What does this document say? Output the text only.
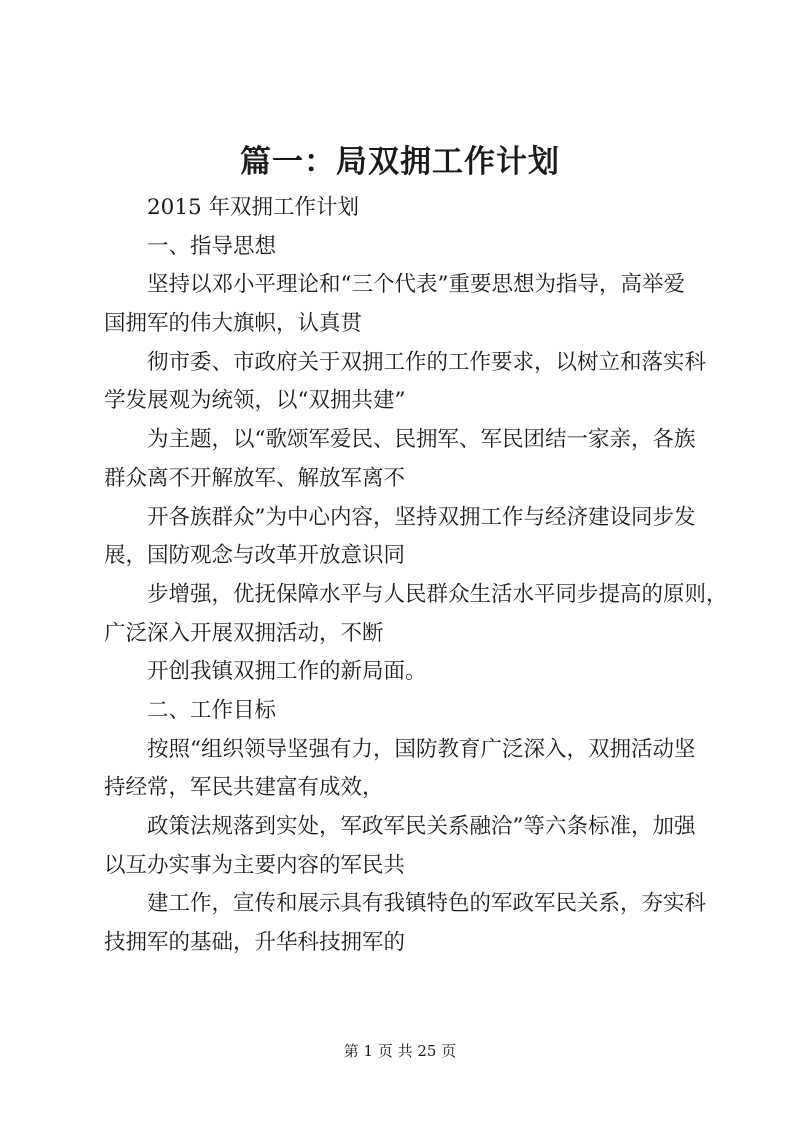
篇一：局双拥工作计划
2015 年双拥工作计划
一、指导思想
坚持以邓小平理论和“三个代表”重要思想为指导，高举爱
国拥军的伟大旗帜，认真贯
彻市委、市政府关于双拥工作的工作要求，以树立和落实科
学发展观为统领，以“双拥共建”
为主题，以“歌颂军爱民、民拥军、军民团结一家亲，各族
群众离不开解放军、解放军离不
开各族群众”为中心内容，坚持双拥工作与经济建设同步发
展，国防观念与改革开放意识同
步增强，优抚保障水平与人民群众生活水平同步提高的原则，
广泛深入开展双拥活动，不断
开创我镇双拥工作的新局面。
二、工作目标
按照“组织领导坚强有力，国防教育广泛深入，双拥活动坚
持经常，军民共建富有成效，
政策法规落到实处，军政军民关系融洽”等六条标准，加强
以互办实事为主要内容的军民共
建工作，宣传和展示具有我镇特色的军政军民关系，夯实科
技拥军的基础，升华科技拥军的
第 1 页 共 25 页
